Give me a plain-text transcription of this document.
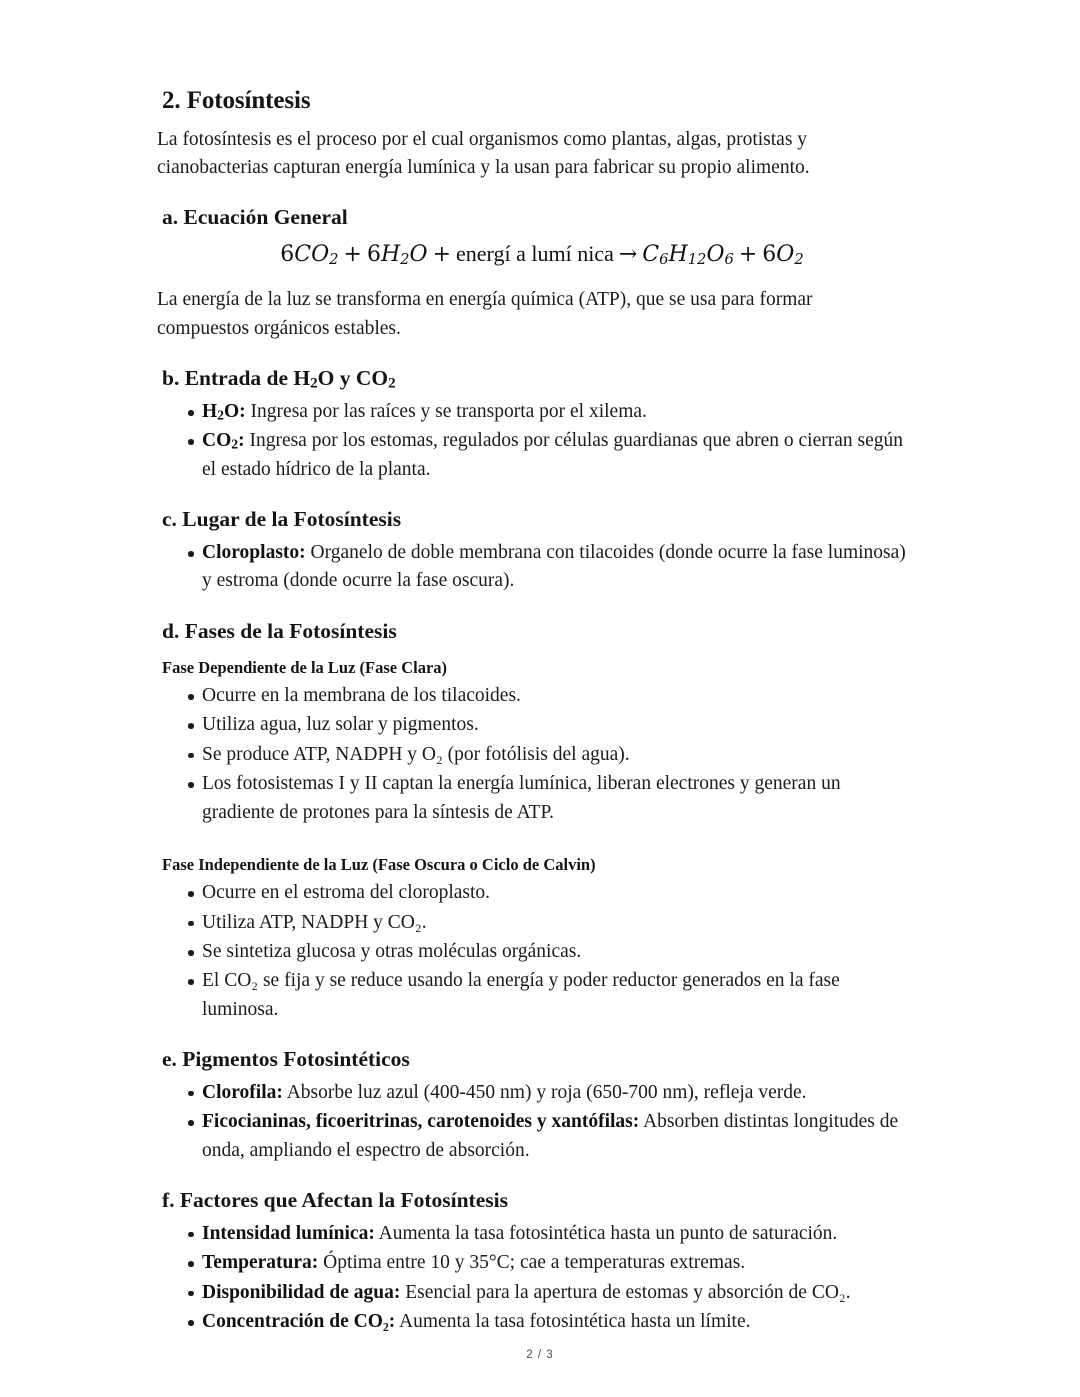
2. Fotosíntesis

La fotosíntesis es el proceso por el cual organismos como plantas, algas, protistas y cianobacterias capturan energía lumínica y la usan para fabricar su propio alimento.

a. Ecuación General
$6CO_2 + 6H_2O$ + energí a lumí nica → $C_6H_{12}O_6 + 6O_2$

La energía de la luz se transforma en energía química (ATP), que se usa para formar compuestos orgánicos estables.

b. Entrada de $H_2O$ y $CO_2$
$H_2O$: Ingresa por las raíces y se transporta por el xilema.
$CO_2$: Ingresa por los estomas, regulados por células guardianas que abren o cierran según el estado hídrico de la planta.
c. Lugar de la Fotosíntesis
Cloroplasto: Organelo de doble membrana con tilacoides (donde ocurre la fase luminosa) y estroma (donde ocurre la fase oscura).
d. Fases de la Fotosíntesis
Fase Dependiente de la Luz (Fase Clara)
Ocurre en la membrana de los tilacoides.
Utiliza agua, luz solar y pigmentos.
Se produce ATP, NADPH y O₂ (por fotólisis del agua).
Los fotosistemas I y II captan la energía lumínica, liberan electrones y generan un gradiente de protones para la síntesis de ATP.
Fase Independiente de la Luz (Fase Oscura o Ciclo de Calvin)
Ocurre en el estroma del cloroplasto.
Utiliza ATP, NADPH y CO₂.
Se sintetiza glucosa y otras moléculas orgánicas.
El CO₂ se fija y se reduce usando la energía y poder reductor generados en la fase luminosa.
e. Pigmentos Fotosintéticos
Clorofila: Absorbe luz azul (400-450 nm) y roja (650-700 nm), refleja verde.
Ficocianinas, ficoeritrinas, carotenoides y xantófilas: Absorben distintas longitudes de onda, ampliando el espectro de absorción.
f. Factores que Afectan la Fotosíntesis
Intensidad lumínica: Aumenta la tasa fotosintética hasta un punto de saturación.
Temperatura: Óptima entre 10 y 35°C; cae a temperaturas extremas.
Disponibilidad de agua: Esencial para la apertura de estomas y absorción de CO₂.
Concentración de CO₂: Aumenta la tasa fotosintética hasta un límite.
2 / 3
